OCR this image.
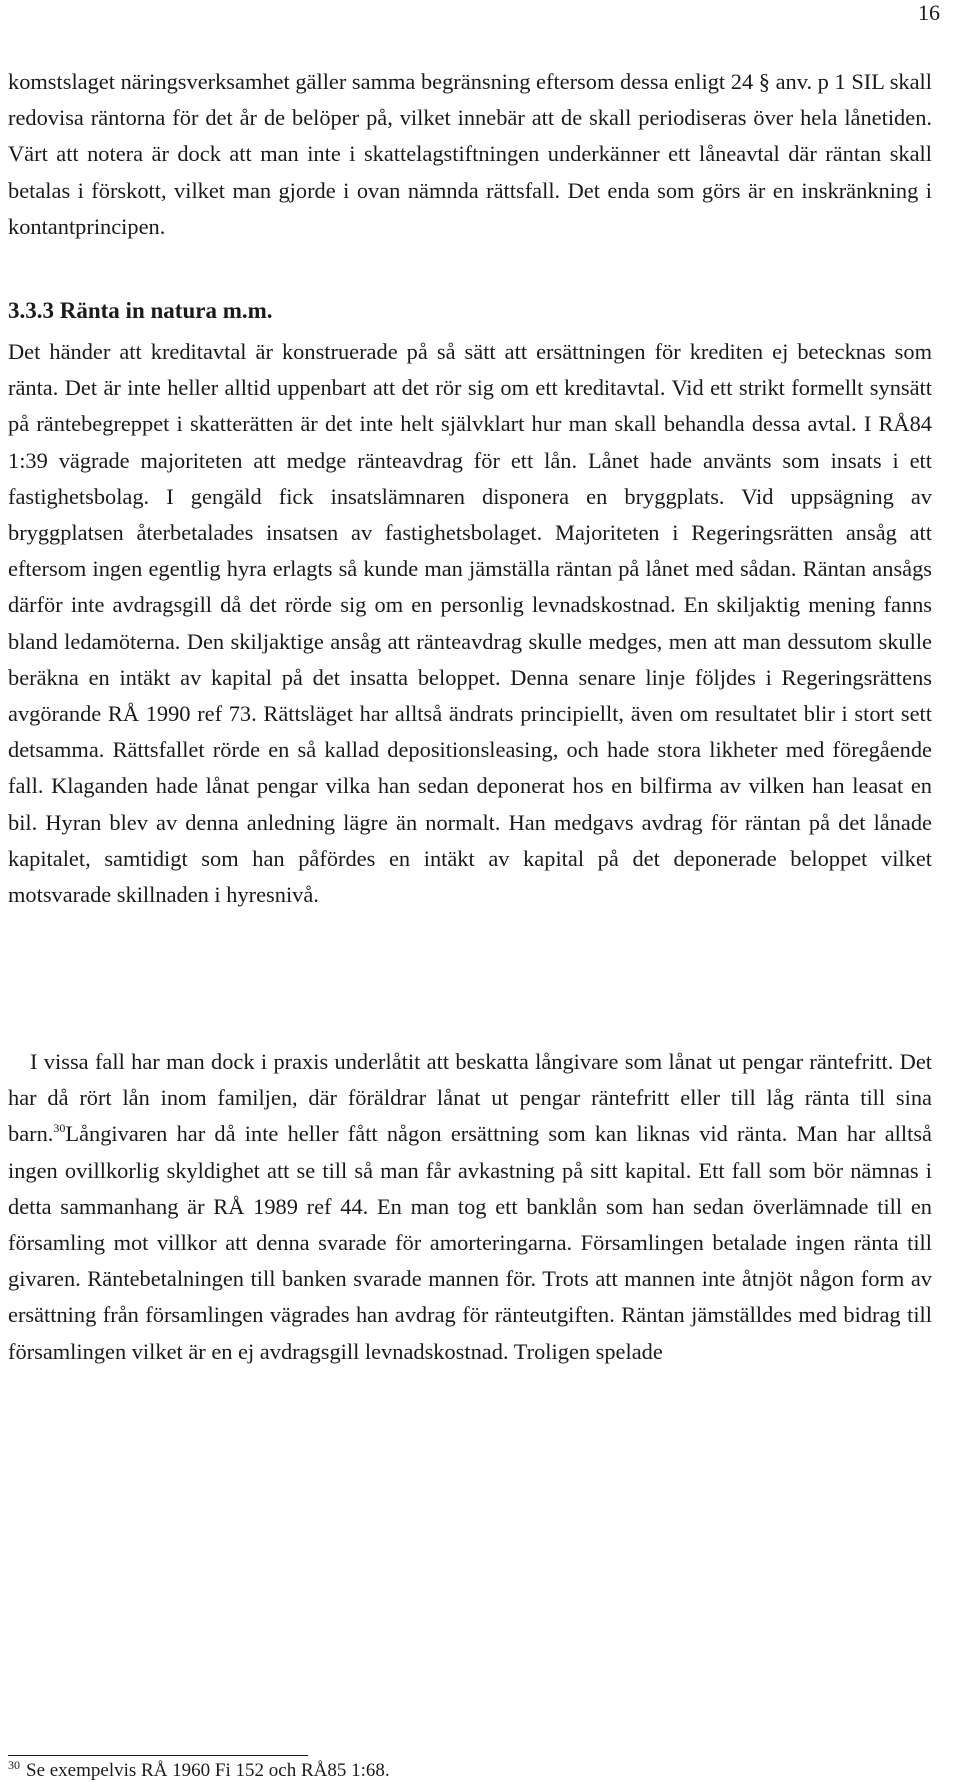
16

komstslaget näringsverksamhet gäller samma begränsning eftersom dessa enligt 24 § anv. p 1 SIL skall redovisa räntorna för det år de belöper på, vilket innebär att de skall periodiseras över hela lånetiden. Värt att notera är dock att man inte i skattelagstiftningen underkänner ett låneavtal där räntan skall betalas i förskott, vilket man gjorde i ovan nämnda rättsfall. Det enda som görs är en inskränkning i kontantprincipen.

3.3.3 Ränta in natura m.m.

Det händer att kreditavtal är konstruerade på så sätt att ersättningen för krediten ej betecknas som ränta. Det är inte heller alltid uppenbart att det rör sig om ett kreditavtal. Vid ett strikt formellt synsätt på räntebegreppet i skatterätten är det inte helt självklart hur man skall behandla dessa avtal. I RÅ84 1:39 vägrade majoriteten att medge ränteavdrag för ett lån. Lånet hade använts som insats i ett fastighetsbolag. I gengäld fick insatslämnaren disponera en bryggplats. Vid uppsägning av bryggplatsen återbetalades insatsen av fastighetsbolaget. Majoriteten i Regeringsrätten ansåg att eftersom ingen egentlig hyra erlagts så kunde man jämställa räntan på lånet med sådan. Räntan ansågs därför inte avdragsgill då det rörde sig om en personlig levnadskostnad. En skiljaktig mening fanns bland ledamöterna. Den skiljaktige ansåg att ränteavdrag skulle medges, men att man dessutom skulle beräkna en intäkt av kapital på det insatta beloppet. Denna senare linje följdes i Regeringsrättens avgörande RÅ 1990 ref 73. Rättsläget har alltså ändrats principiellt, även om resultatet blir i stort sett detsamma. Rättsfallet rörde en så kallad depositionsleasing, och hade stora likheter med föregående fall. Klaganden hade lånat pengar vilka han sedan deponerat hos en bilfirma av vilken han leasat en bil. Hyran blev av denna anledning lägre än normalt. Han medgavs avdrag för räntan på det lånade kapitalet, samtidigt som han påfördes en intäkt av kapital på det deponerade beloppet vilket motsvarade skillnaden i hyresnivå.

I vissa fall har man dock i praxis underlåtit att beskatta långivare som lånat ut pengar räntefritt. Det har då rört lån inom familjen, där föräldrar lånat ut pengar räntefritt eller till låg ränta till sina barn.$^{30}$Långivaren har då inte heller fått någon ersättning som kan liknas vid ränta. Man har alltså ingen ovillkorlig skyldighet att se till så man får avkastning på sitt kapital. Ett fall som bör nämnas i detta sammanhang är RÅ 1989 ref 44. En man tog ett banklån som han sedan överlämnade till en församling mot villkor att denna svarade för amorteringarna. Församlingen betalade ingen ränta till givaren. Räntebetalningen till banken svarade mannen för. Trots att mannen inte åtnjöt någon form av ersättning från församlingen vägrades han avdrag för ränteutgiften. Räntan jämställdes med bidrag till församlingen vilket är en ej avdragsgill levnadskostnad. Troligen spelade

$^{30}$ Se exempelvis RÅ 1960 Fi 152 och RÅ85 1:68.
